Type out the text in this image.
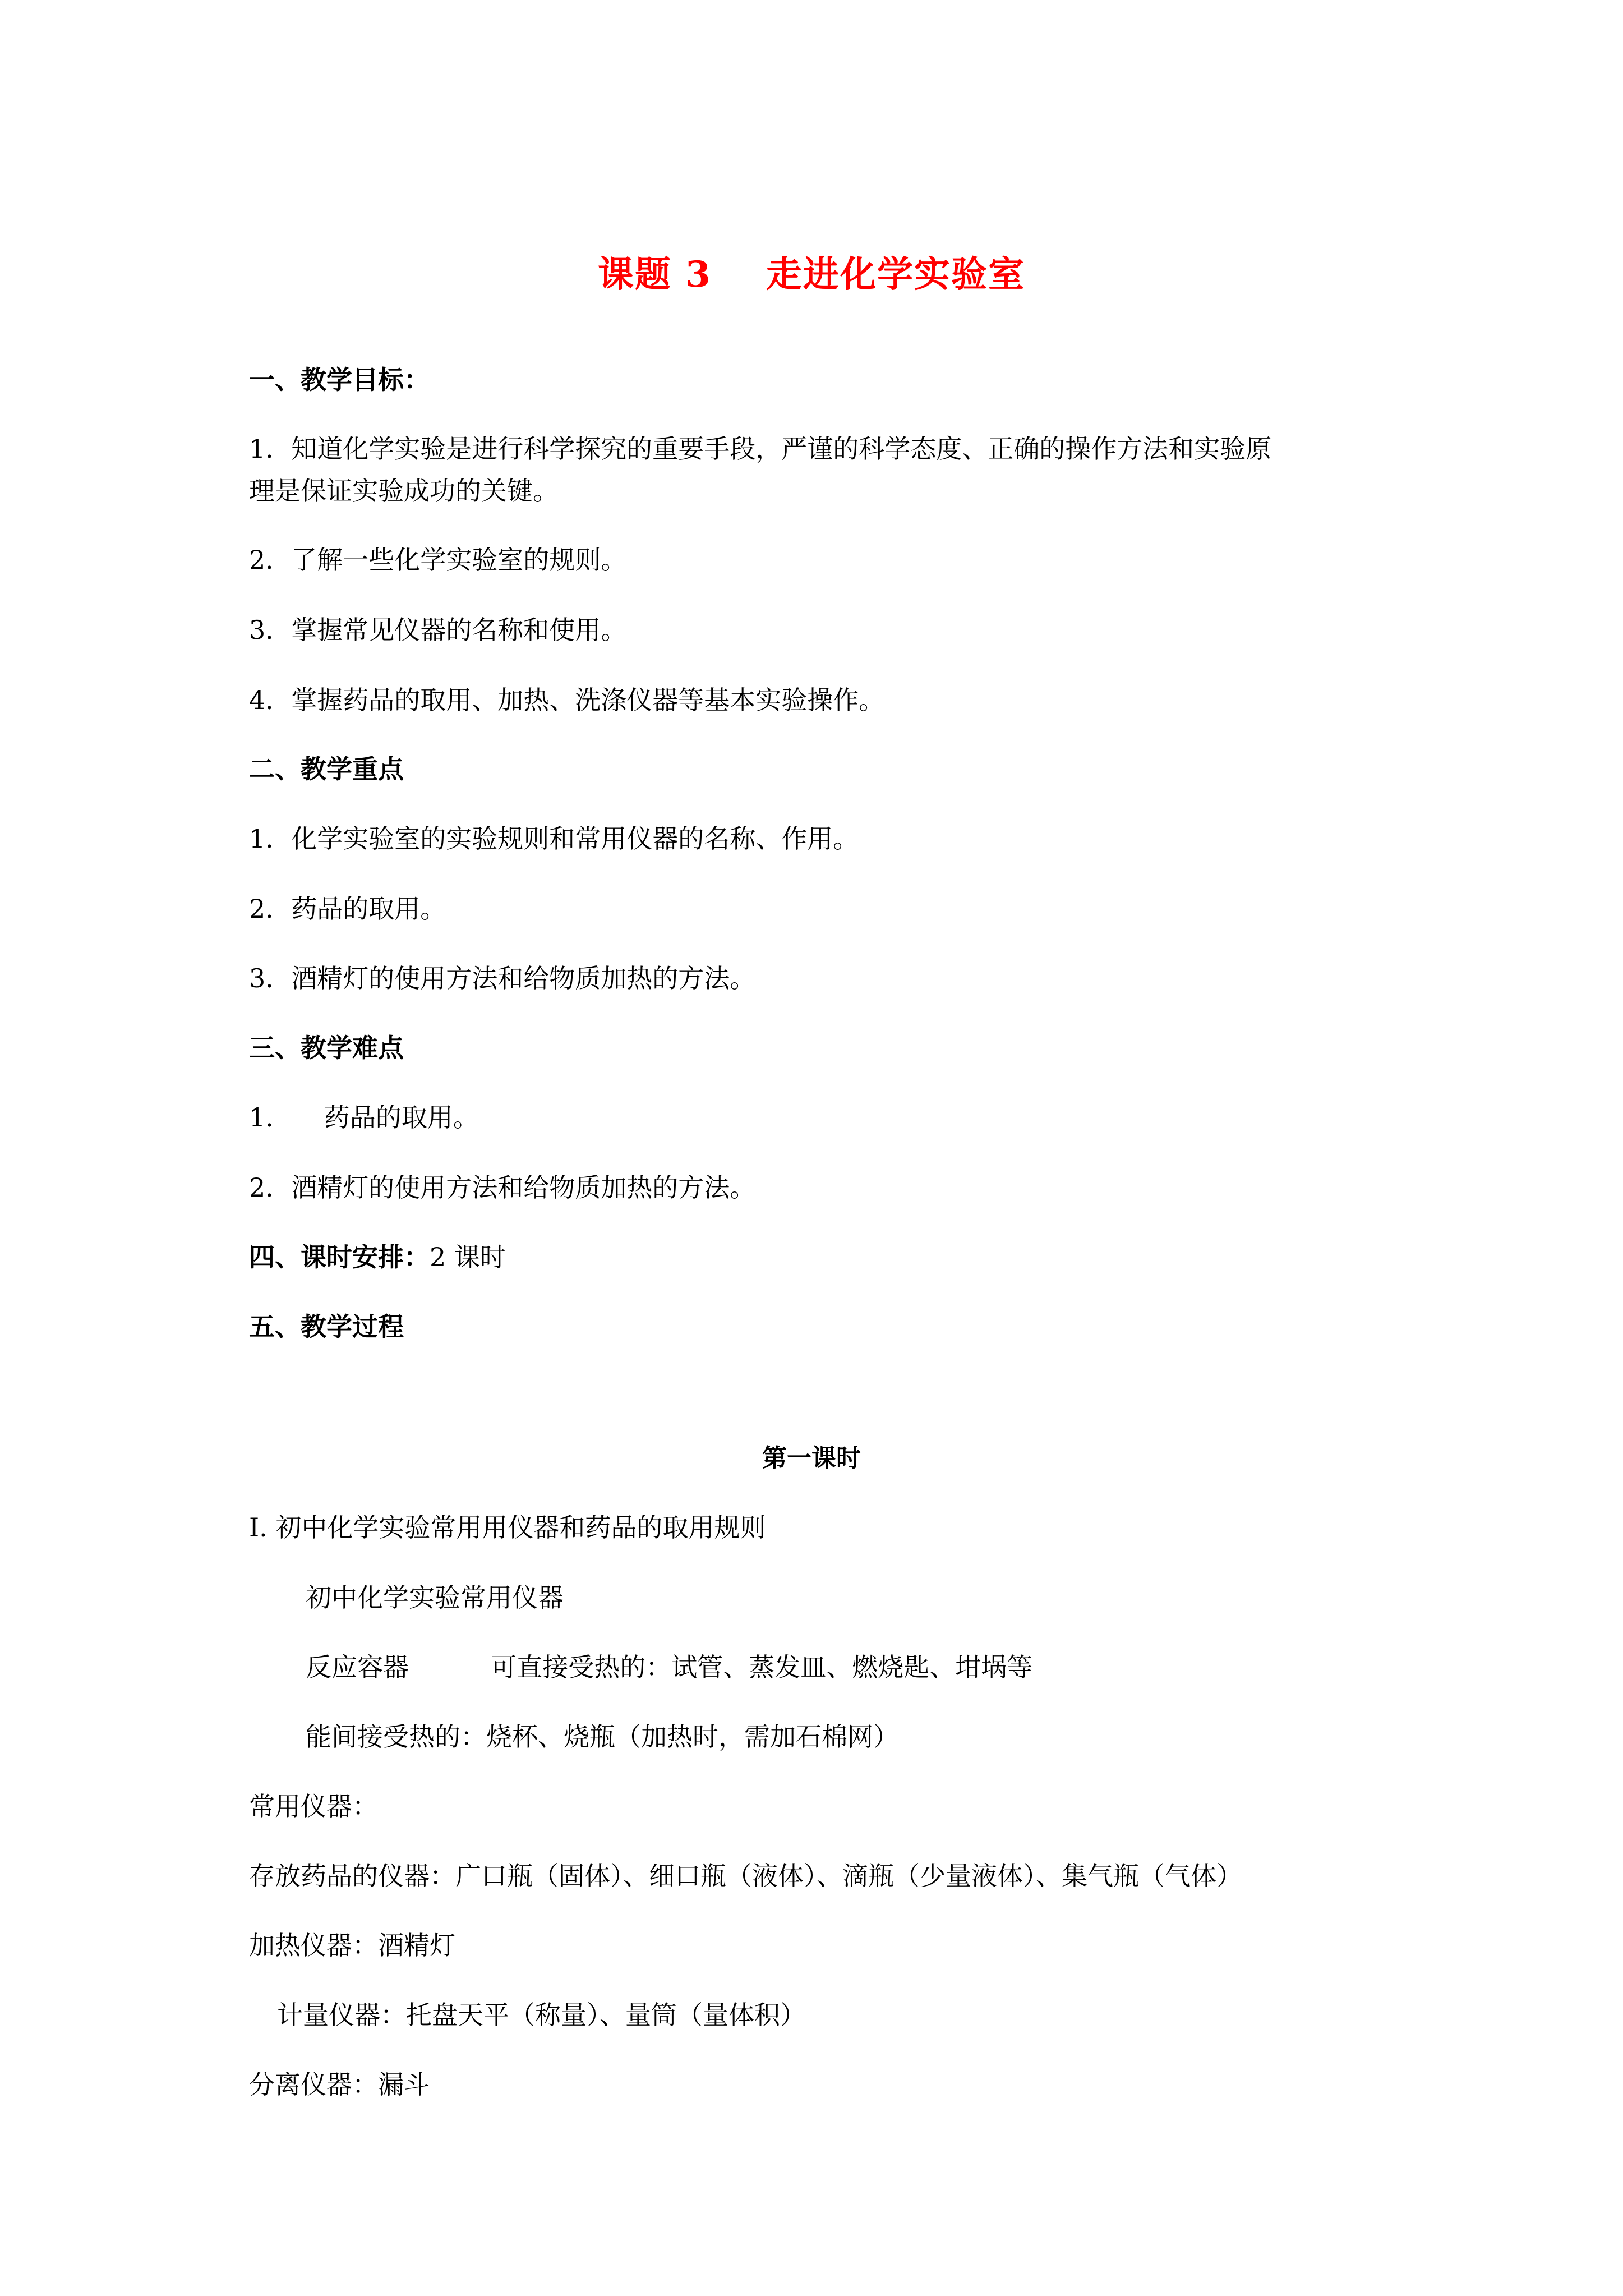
课题 3    走进化学实验室
一、教学目标：
1．知道化学实验是进行科学探究的重要手段，严谨的科学态度、正确的操作方法和实验原
理是保证实验成功的关键。
2．了解一些化学实验室的规则。
3．掌握常见仪器的名称和使用。
4．掌握药品的取用、加热、洗涤仪器等基本实验操作。
二、教学重点
1．化学实验室的实验规则和常用仪器的名称、作用。
2．药品的取用。
3．酒精灯的使用方法和给物质加热的方法。
三、教学难点
1．    药品的取用。
2．酒精灯的使用方法和给物质加热的方法。
四、课时安排：2 课时
五、教学过程
第一课时
Ⅰ. 初中化学实验常用用仪器和药品的取用规则
初中化学实验常用仪器
反应容器          可直接受热的：试管、蒸发皿、燃烧匙、坩埚等
能间接受热的：烧杯、烧瓶（加热时，需加石棉网）
常用仪器：
存放药品的仪器：广口瓶（固体）、细口瓶（液体）、滴瓶（少量液体）、集气瓶（气体）
加热仪器：酒精灯
计量仪器：托盘天平（称量）、量筒（量体积）
分离仪器：漏斗
